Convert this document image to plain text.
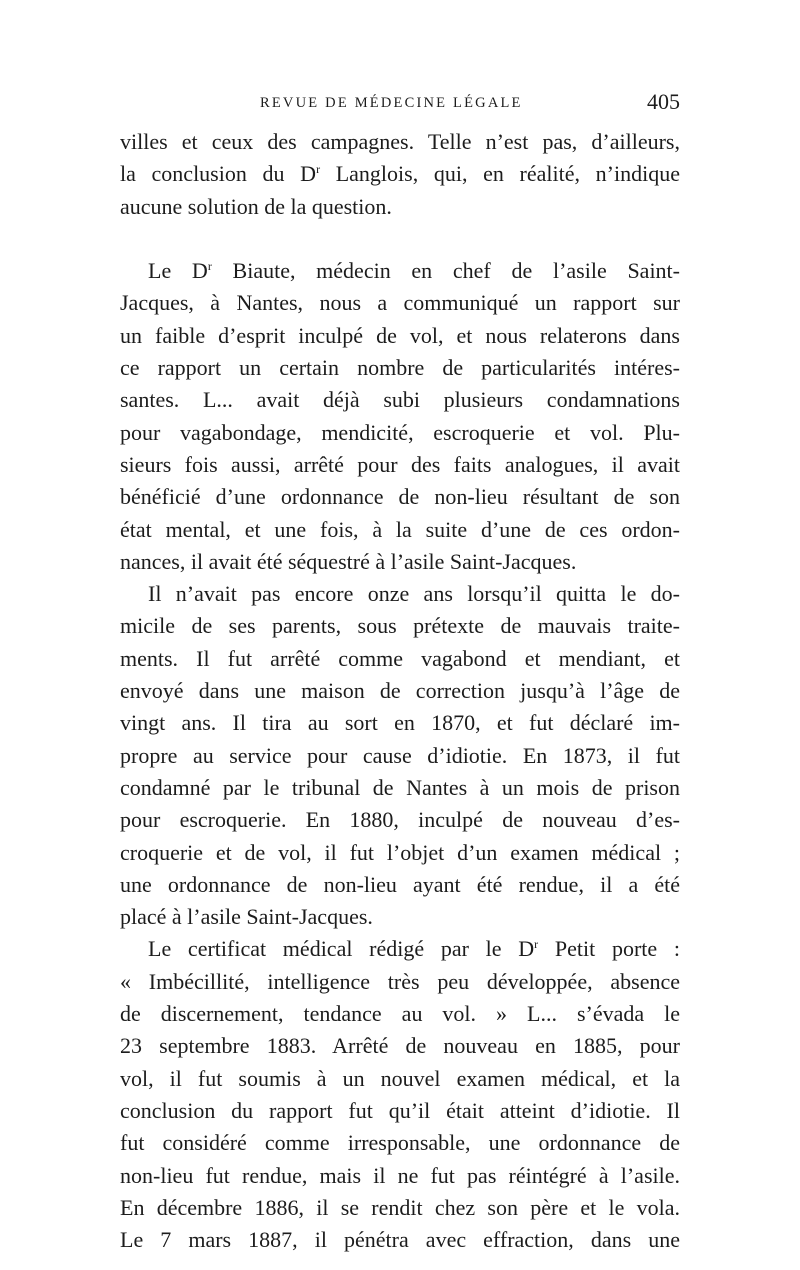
REVUE DE MÉDECINE LÉGALE	405
villes et ceux des campagnes. Telle n’est pas, d’ailleurs,
la conclusion du $D^r$ Langlois, qui, en réalité, n’indique
aucune solution de la question.
Le $D^r$ Biaute, médecin en chef de l’asile Saint-
Jacques, à Nantes, nous a communiqué un rapport sur
un faible d’esprit inculpé de vol, et nous relaterons dans
ce rapport un certain nombre de particularités intéres-
santes. L... avait déjà subi plusieurs condamnations
pour vagabondage, mendicité, escroquerie et vol. Plu-
sieurs fois aussi, arrêté pour des faits analogues, il avait
bénéficié d’une ordonnance de non-lieu résultant de son
état mental, et une fois, à la suite d’une de ces ordon-
nances, il avait été séquestré à l’asile Saint-Jacques.
Il n’avait pas encore onze ans lorsqu’il quitta le do-
micile de ses parents, sous prétexte de mauvais traite-
ments. Il fut arrêté comme vagabond et mendiant, et
envoyé dans une maison de correction jusqu’à l’âge de
vingt ans. Il tira au sort en 1870, et fut déclaré im-
propre au service pour cause d’idiotie. En 1873, il fut
condamné par le tribunal de Nantes à un mois de prison
pour escroquerie. En 1880, inculpé de nouveau d’es-
croquerie et de vol, il fut l’objet d’un examen médical ;
une ordonnance de non-lieu ayant été rendue, il a été
placé à l’asile Saint-Jacques.
Le certificat médical rédigé par le $D^r$ Petit porte :
« Imbécillité, intelligence très peu développée, absence
de discernement, tendance au vol. » L... s’évada le
23 septembre 1883. Arrêté de nouveau en 1885, pour
vol, il fut soumis à un nouvel examen médical, et la
conclusion du rapport fut qu’il était atteint d’idiotie. Il
fut considéré comme irresponsable, une ordonnance de
non-lieu fut rendue, mais il ne fut pas réintégré à l’asile.
En décembre 1886, il se rendit chez son père et le vola.
Le 7 mars 1887, il pénétra avec effraction, dans une
